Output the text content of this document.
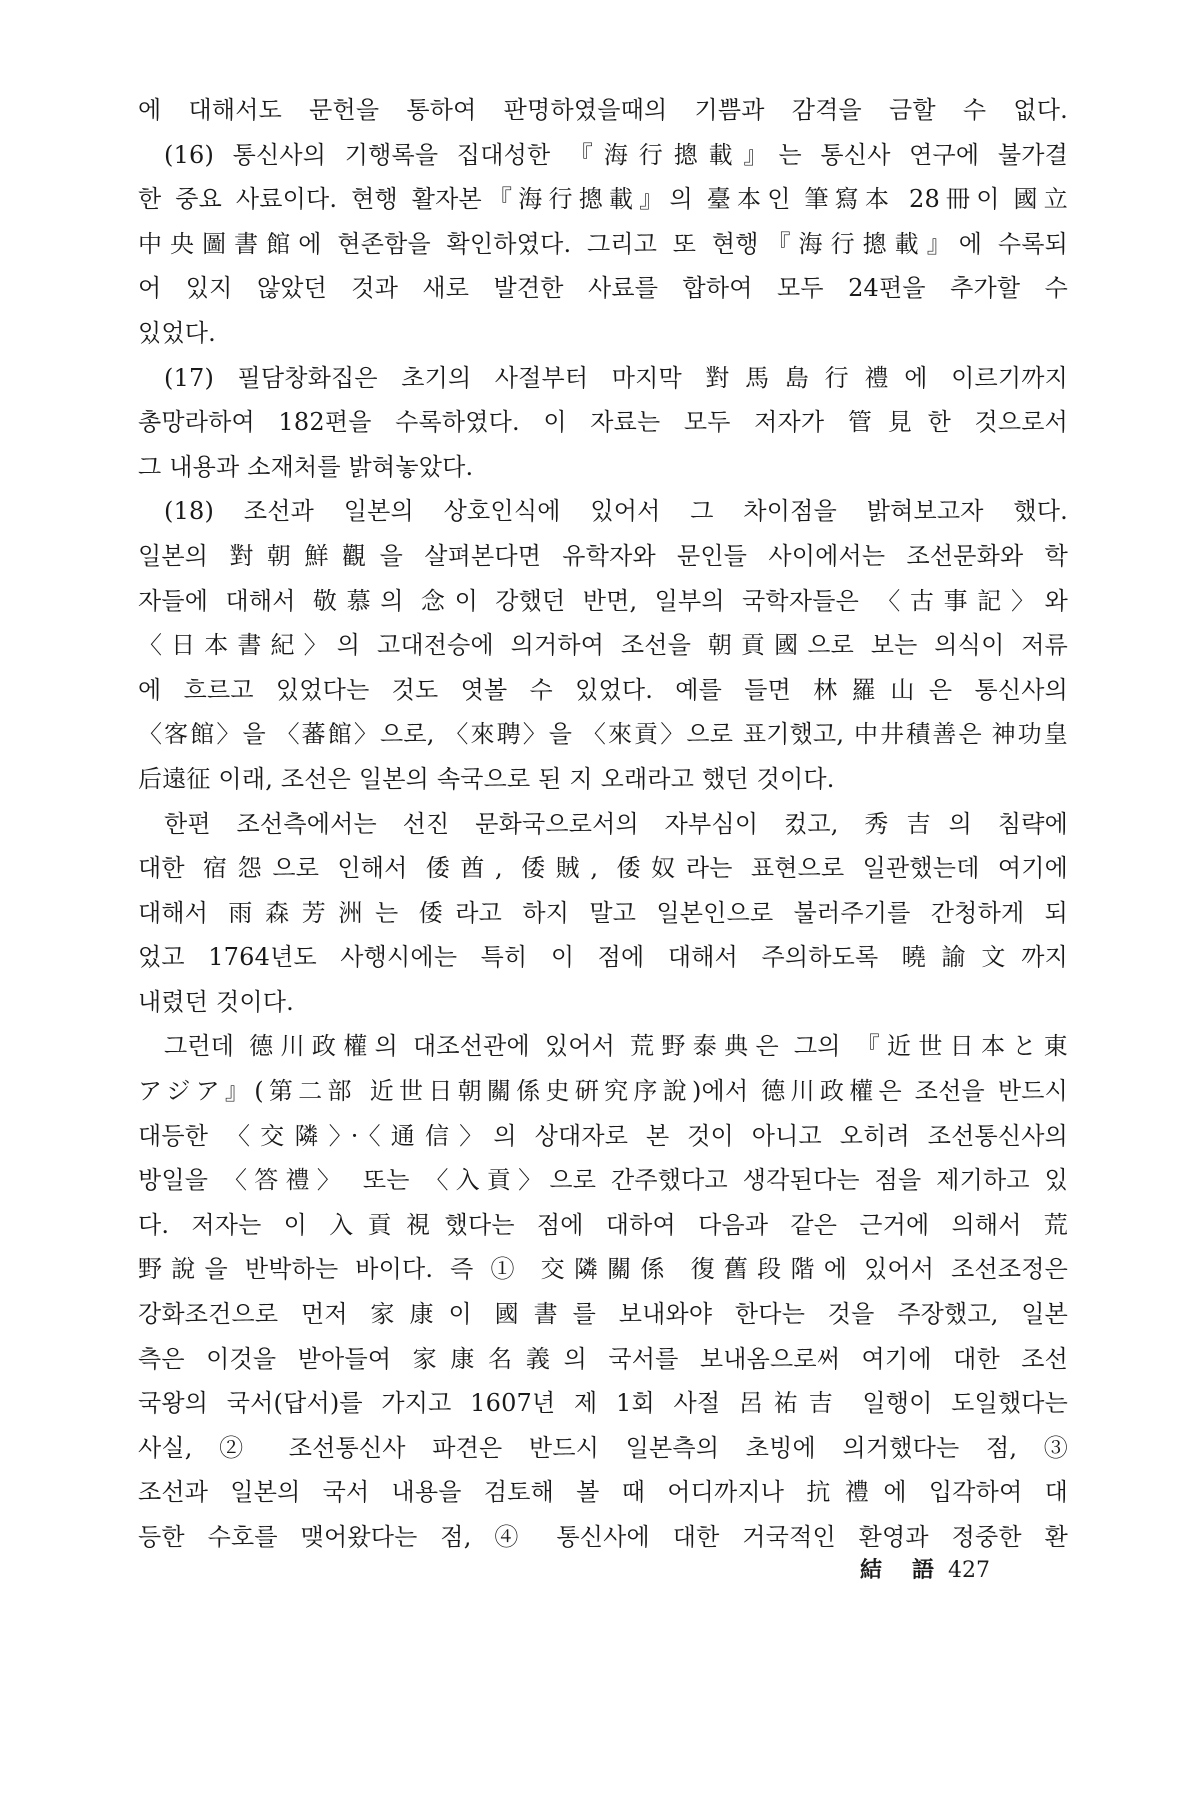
에 대해서도 문헌을 통하여 판명하였을때의 기쁨과 감격을 금할 수 없다.
(16) 통신사의 기행록을 집대성한 『海行摠載』는 통신사 연구에 불가결
한 중요 사료이다. 현행 활자본『海行摠載』의 臺本인 筆寫本 28冊이 國立
中央圖書館에 현존함을 확인하였다. 그리고 또 현행『海行摠載』에 수록되
어 있지 않았던 것과 새로 발견한 사료를 합하여 모두 24편을 추가할 수
있었다.
(17) 필담창화집은 초기의 사절부터 마지막 對馬島行禮에 이르기까지
총망라하여 182편을 수록하였다. 이 자료는 모두 저자가 管見한 것으로서
그 내용과 소재처를 밝혀놓았다.
(18) 조선과 일본의 상호인식에 있어서 그 차이점을 밝혀보고자 했다.
일본의 對朝鮮觀을 살펴본다면 유학자와 문인들 사이에서는 조선문화와 학
자들에 대해서 敬慕의 念이 강했던 반면, 일부의 국학자들은 〈古事記〉와
〈日本書紀〉의 고대전승에 의거하여 조선을 朝貢國으로 보는 의식이 저류
에 흐르고 있었다는 것도 엿볼 수 있었다. 예를 들면 林羅山은 통신사의
〈客館〉을 〈蕃館〉으로, 〈來聘〉을 〈來貢〉으로 표기했고, 中井積善은 神功皇
后遠征 이래, 조선은 일본의 속국으로 된 지 오래라고 했던 것이다.
한편 조선측에서는 선진 문화국으로서의 자부심이 컸고, 秀吉의 침략에
대한 宿怨으로 인해서 倭酋, 倭賊, 倭奴라는 표현으로 일관했는데 여기에
대해서 雨森芳洲는 倭라고 하지 말고 일본인으로 불러주기를 간청하게 되
었고 1764년도 사행시에는 특히 이 점에 대해서 주의하도록 曉諭文까지
내렸던 것이다.
그런데 德川政權의 대조선관에 있어서 荒野泰典은 그의 『近世日本と東
アジア』(第二部 近世日朝關係史硏究序說)에서 德川政權은 조선을 반드시
대등한 〈交隣〉·〈通信〉의 상대자로 본 것이 아니고 오히려 조선통신사의
방일을 〈答禮〉 또는 〈入貢〉으로 간주했다고 생각된다는 점을 제기하고 있
다. 저자는 이 入貢視했다는 점에 대하여 다음과 같은 근거에 의해서 荒
野說을 반박하는 바이다. 즉 ① 交隣關係 復舊段階에 있어서 조선조정은
강화조건으로 먼저 家康이 國書를 보내와야 한다는 것을 주장했고, 일본
측은 이것을 받아들여 家康名義의 국서를 보내옴으로써 여기에 대한 조선
국왕의 국서(답서)를 가지고 1607년 제 1회 사절 呂祐吉 일행이 도일했다는
사실, ② 조선통신사 파견은 반드시 일본측의 초빙에 의거했다는 점, ③
조선과 일본의 국서 내용을 검토해 볼 때 어디까지나 抗禮에 입각하여 대
등한 수호를 맺어왔다는 점, ④ 통신사에 대한 거국적인 환영과 정중한 환
結 語 427
